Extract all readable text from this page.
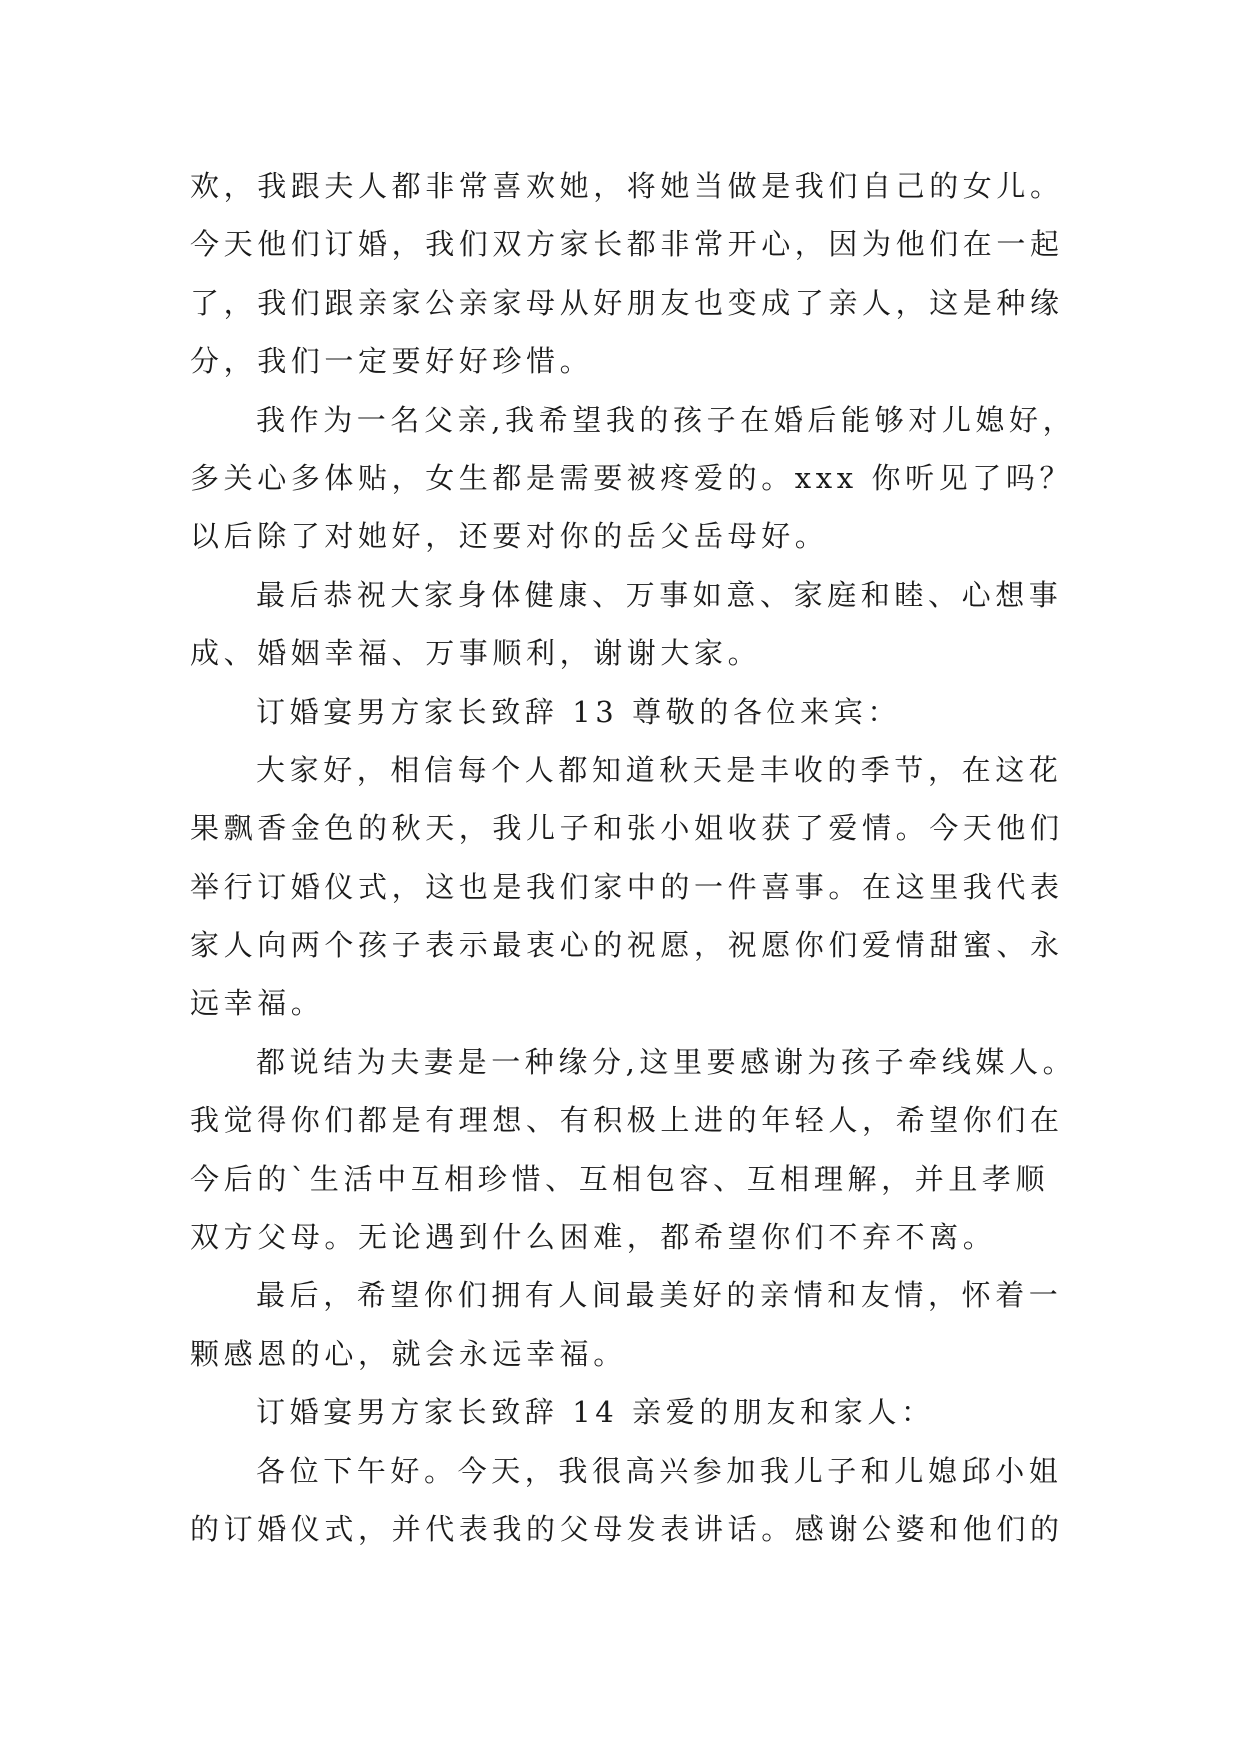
欢，我跟夫人都非常喜欢她，将她当做是我们自己的女儿。
今天他们订婚，我们双方家长都非常开心，因为他们在一起
了，我们跟亲家公亲家母从好朋友也变成了亲人，这是种缘
分，我们一定要好好珍惜。
我作为一名父亲,我希望我的孩子在婚后能够对儿媳好，
多关心多体贴，女生都是需要被疼爱的。xxx 你听见了吗？
以后除了对她好，还要对你的岳父岳母好。
最后恭祝大家身体健康、万事如意、家庭和睦、心想事
成、婚姻幸福、万事顺利，谢谢大家。
订婚宴男方家长致辞 13 尊敬的各位来宾：
大家好，相信每个人都知道秋天是丰收的季节，在这花
果飘香金色的秋天，我儿子和张小姐收获了爱情。今天他们
举行订婚仪式，这也是我们家中的一件喜事。在这里我代表
家人向两个孩子表示最衷心的祝愿，祝愿你们爱情甜蜜、永
远幸福。
都说结为夫妻是一种缘分,这里要感谢为孩子牵线媒人。
我觉得你们都是有理想、有积极上进的年轻人，希望你们在
今后的`生活中互相珍惜、互相包容、互相理解，并且孝顺
双方父母。无论遇到什么困难，都希望你们不弃不离。
最后，希望你们拥有人间最美好的亲情和友情，怀着一
颗感恩的心，就会永远幸福。
订婚宴男方家长致辞 14 亲爱的朋友和家人：
各位下午好。今天，我很高兴参加我儿子和儿媳邱小姐
的订婚仪式，并代表我的父母发表讲话。感谢公婆和他们的
